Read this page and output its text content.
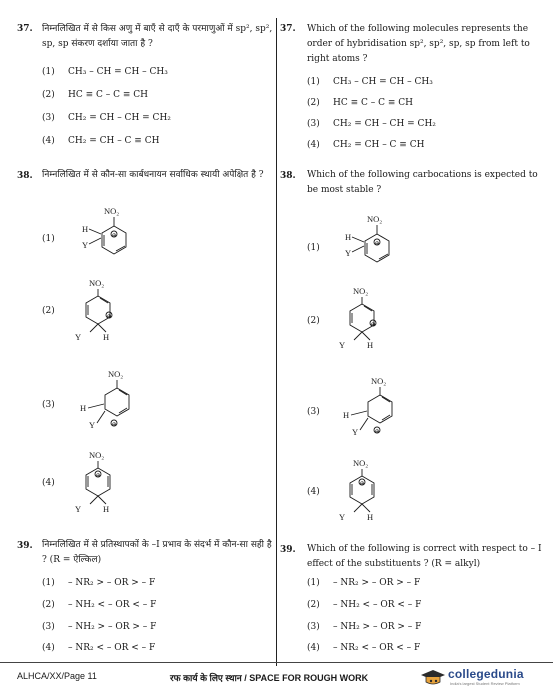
37. निम्नलिखित में से किस अणु में बाएँ से दाएँ के परमाणुओं में sp², sp², sp, sp संकरण दर्शाया जाता है ?
(1) CH₃ – CH = CH – CH₃
(2) HC ≡ C – C ≡ CH
(3) CH₂ = CH – CH = CH₂
(4) CH₂ = CH – C ≡ CH
38. निम्नलिखित में से कौन-सा कार्बधनायन सर्वाधिक स्थायी अपेक्षित है ?
(1)
NO₂
⊕
H
Y
(2)
NO₂
⊕
Y	H
(3)
NO₂
H
Y	⊕
(4)
NO₂
⊕
Y	H
39. निम्नलिखित में से प्रतिस्थापकों के –I प्रभाव के संदर्भ में कौन-सा सही है ? (R = ऐल्किल)
(1) – NR₂ > – OR > – F
(2) – NH₂ < – OR < – F
(3) – NH₂ > – OR > – F
(4) – NR₂ < – OR < – F
37. Which of the following molecules represents the order of hybridisation sp², sp², sp, sp from left to right atoms ?
(1) CH₃ – CH = CH – CH₃
(2) HC ≡ C – C ≡ CH
(3) CH₂ = CH – CH = CH₂
(4) CH₂ = CH – C ≡ CH
38. Which of the following carbocations is expected to be most stable ?
(1)
NO₂
⊕
H
Y
(2)
NO₂
⊕
Y	H
(3)
NO₂
H
Y	⊕
(4)
NO₂
⊕
Y	H
39. Which of the following is correct with respect to – I effect of the substituents ? (R = alkyl)
(1) – NR₂ > – OR > – F
(2) – NH₂ < – OR < – F
(3) – NH₂ > – OR > – F
(4) – NR₂ < – OR < – F
ALHCA/XX/Page 11	रफ कार्य के लिए स्थान / SPACE FOR ROUGH WORK	collegedunia
India's largest Student Review Platform
